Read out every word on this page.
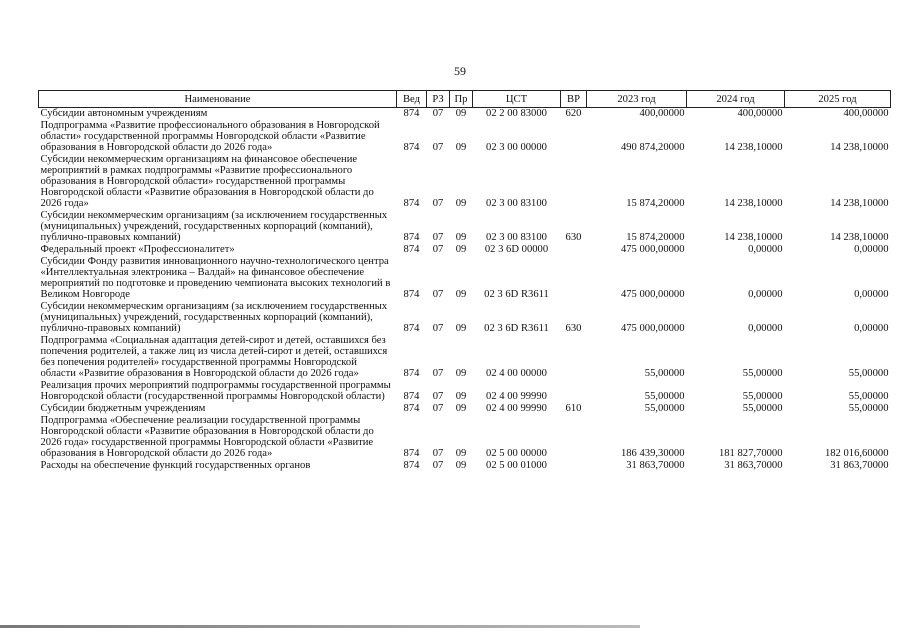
59
Наименование	Вед	РЗ	Пр	ЦСТ	ВР	2023 год	2024 год	2025 год
Субсидии автономным учреждениям	874	07	09	02 2 00 83000	620	400,00000	400,00000	400,00000
Подпрограмма «Развитие профессионального образования в Новгородской области» государственной программы Новгородской области «Развитие образования в Новгородской области до 2026 года»	874	07	09	02 3 00 00000		490 874,20000	14 238,10000	14 238,10000
Субсидии некоммерческим организациям на финансовое обеспечение мероприятий в рамках подпрограммы «Развитие профессионального образования в Новгородской области» государственной программы Новгородской области «Развитие образования в Новгородской области до 2026 года»	874	07	09	02 3 00 83100		15 874,20000	14 238,10000	14 238,10000
Субсидии некоммерческим организациям (за исключением государственных (муниципальных) учреждений, государственных корпораций (компаний), публично-правовых компаний)	874	07	09	02 3 00 83100	630	15 874,20000	14 238,10000	14 238,10000
Федеральный проект «Профессионалитет»	874	07	09	02 3 6D 00000		475 000,00000	0,00000	0,00000
Субсидии Фонду развития инновационного научно-технологического центра «Интеллектуальная электроника – Валдай» на финансовое обеспечение мероприятий по подготовке и проведению чемпионата высоких технологий в Великом Новгороде	874	07	09	02 3 6D R3611		475 000,00000	0,00000	0,00000
Субсидии некоммерческим организациям (за исключением государственных (муниципальных) учреждений, государственных корпораций (компаний), публично-правовых компаний)	874	07	09	02 3 6D R3611	630	475 000,00000	0,00000	0,00000
Подпрограмма «Социальная адаптация детей-сирот и детей, оставшихся без попечения родителей, а также лиц из числа детей-сирот и детей, оставшихся без попечения родителей» государственной программы Новгородской области «Развитие образования в Новгородской области до 2026 года»	874	07	09	02 4 00 00000		55,00000	55,00000	55,00000
Реализация прочих мероприятий подпрограммы государственной программы Новгородской области (государственной программы Новгородской области)	874	07	09	02 4 00 99990		55,00000	55,00000	55,00000
Субсидии бюджетным учреждениям	874	07	09	02 4 00 99990	610	55,00000	55,00000	55,00000
Подпрограмма «Обеспечение реализации государственной программы Новгородской области «Развитие образования в Новгородской области до 2026 года» государственной программы Новгородской области «Развитие образования в Новгородской области до 2026 года»	874	07	09	02 5 00 00000		186 439,30000	181 827,70000	182 016,60000
Расходы на обеспечение функций государственных органов	874	07	09	02 5 00 01000		31 863,70000	31 863,70000	31 863,70000
